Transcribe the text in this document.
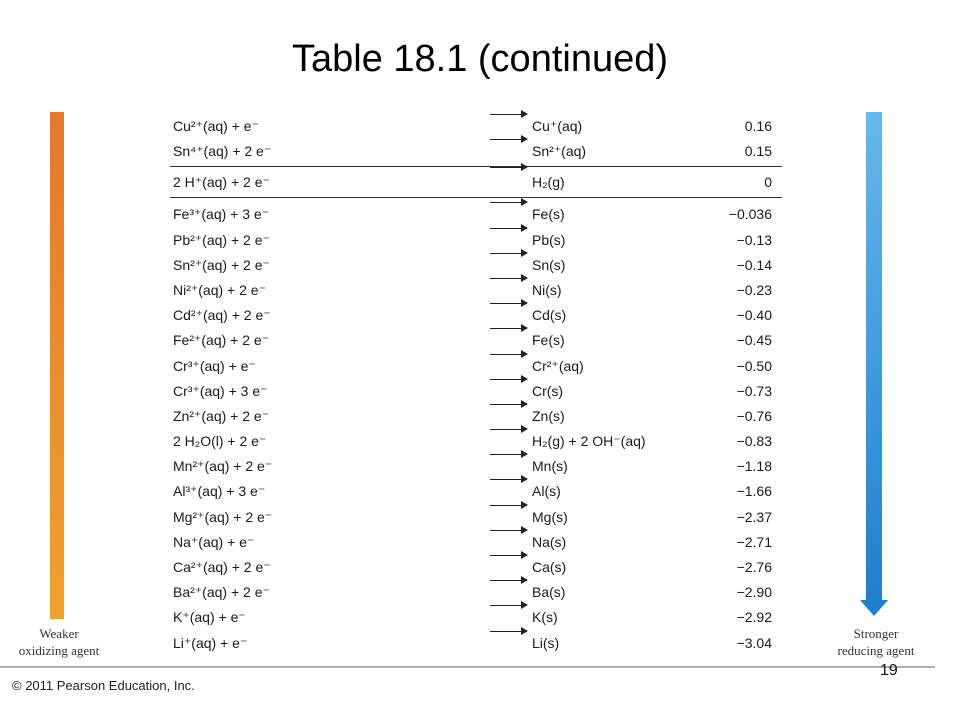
Table 18.1 (continued)
Weaker
oxidizing agent
Stronger
reducing agent
Cu²⁺(aq) + e⁻	Cu⁺(aq)	0.16
Sn⁴⁺(aq) + 2 e⁻	Sn²⁺(aq)	0.15
2 H⁺(aq) + 2 e⁻	H₂(g)	0
Fe³⁺(aq) + 3 e⁻	Fe(s)	−0.036
Pb²⁺(aq) + 2 e⁻	Pb(s)	−0.13
Sn²⁺(aq) + 2 e⁻	Sn(s)	−0.14
Ni²⁺(aq) + 2 e⁻	Ni(s)	−0.23
Cd²⁺(aq) + 2 e⁻	Cd(s)	−0.40
Fe²⁺(aq) + 2 e⁻	Fe(s)	−0.45
Cr³⁺(aq) + e⁻	Cr²⁺(aq)	−0.50
Cr³⁺(aq) + 3 e⁻	Cr(s)	−0.73
Zn²⁺(aq) + 2 e⁻	Zn(s)	−0.76
2 H₂O(l) + 2 e⁻	H₂(g) + 2 OH⁻(aq)	−0.83
Mn²⁺(aq) + 2 e⁻	Mn(s)	−1.18
Al³⁺(aq) + 3 e⁻	Al(s)	−1.66
Mg²⁺(aq) + 2 e⁻	Mg(s)	−2.37
Na⁺(aq) + e⁻	Na(s)	−2.71
Ca²⁺(aq) + 2 e⁻	Ca(s)	−2.76
Ba²⁺(aq) + 2 e⁻	Ba(s)	−2.90
K⁺(aq) + e⁻	K(s)	−2.92
Li⁺(aq) + e⁻	Li(s)	−3.04
© 2011 Pearson Education, Inc.
19
